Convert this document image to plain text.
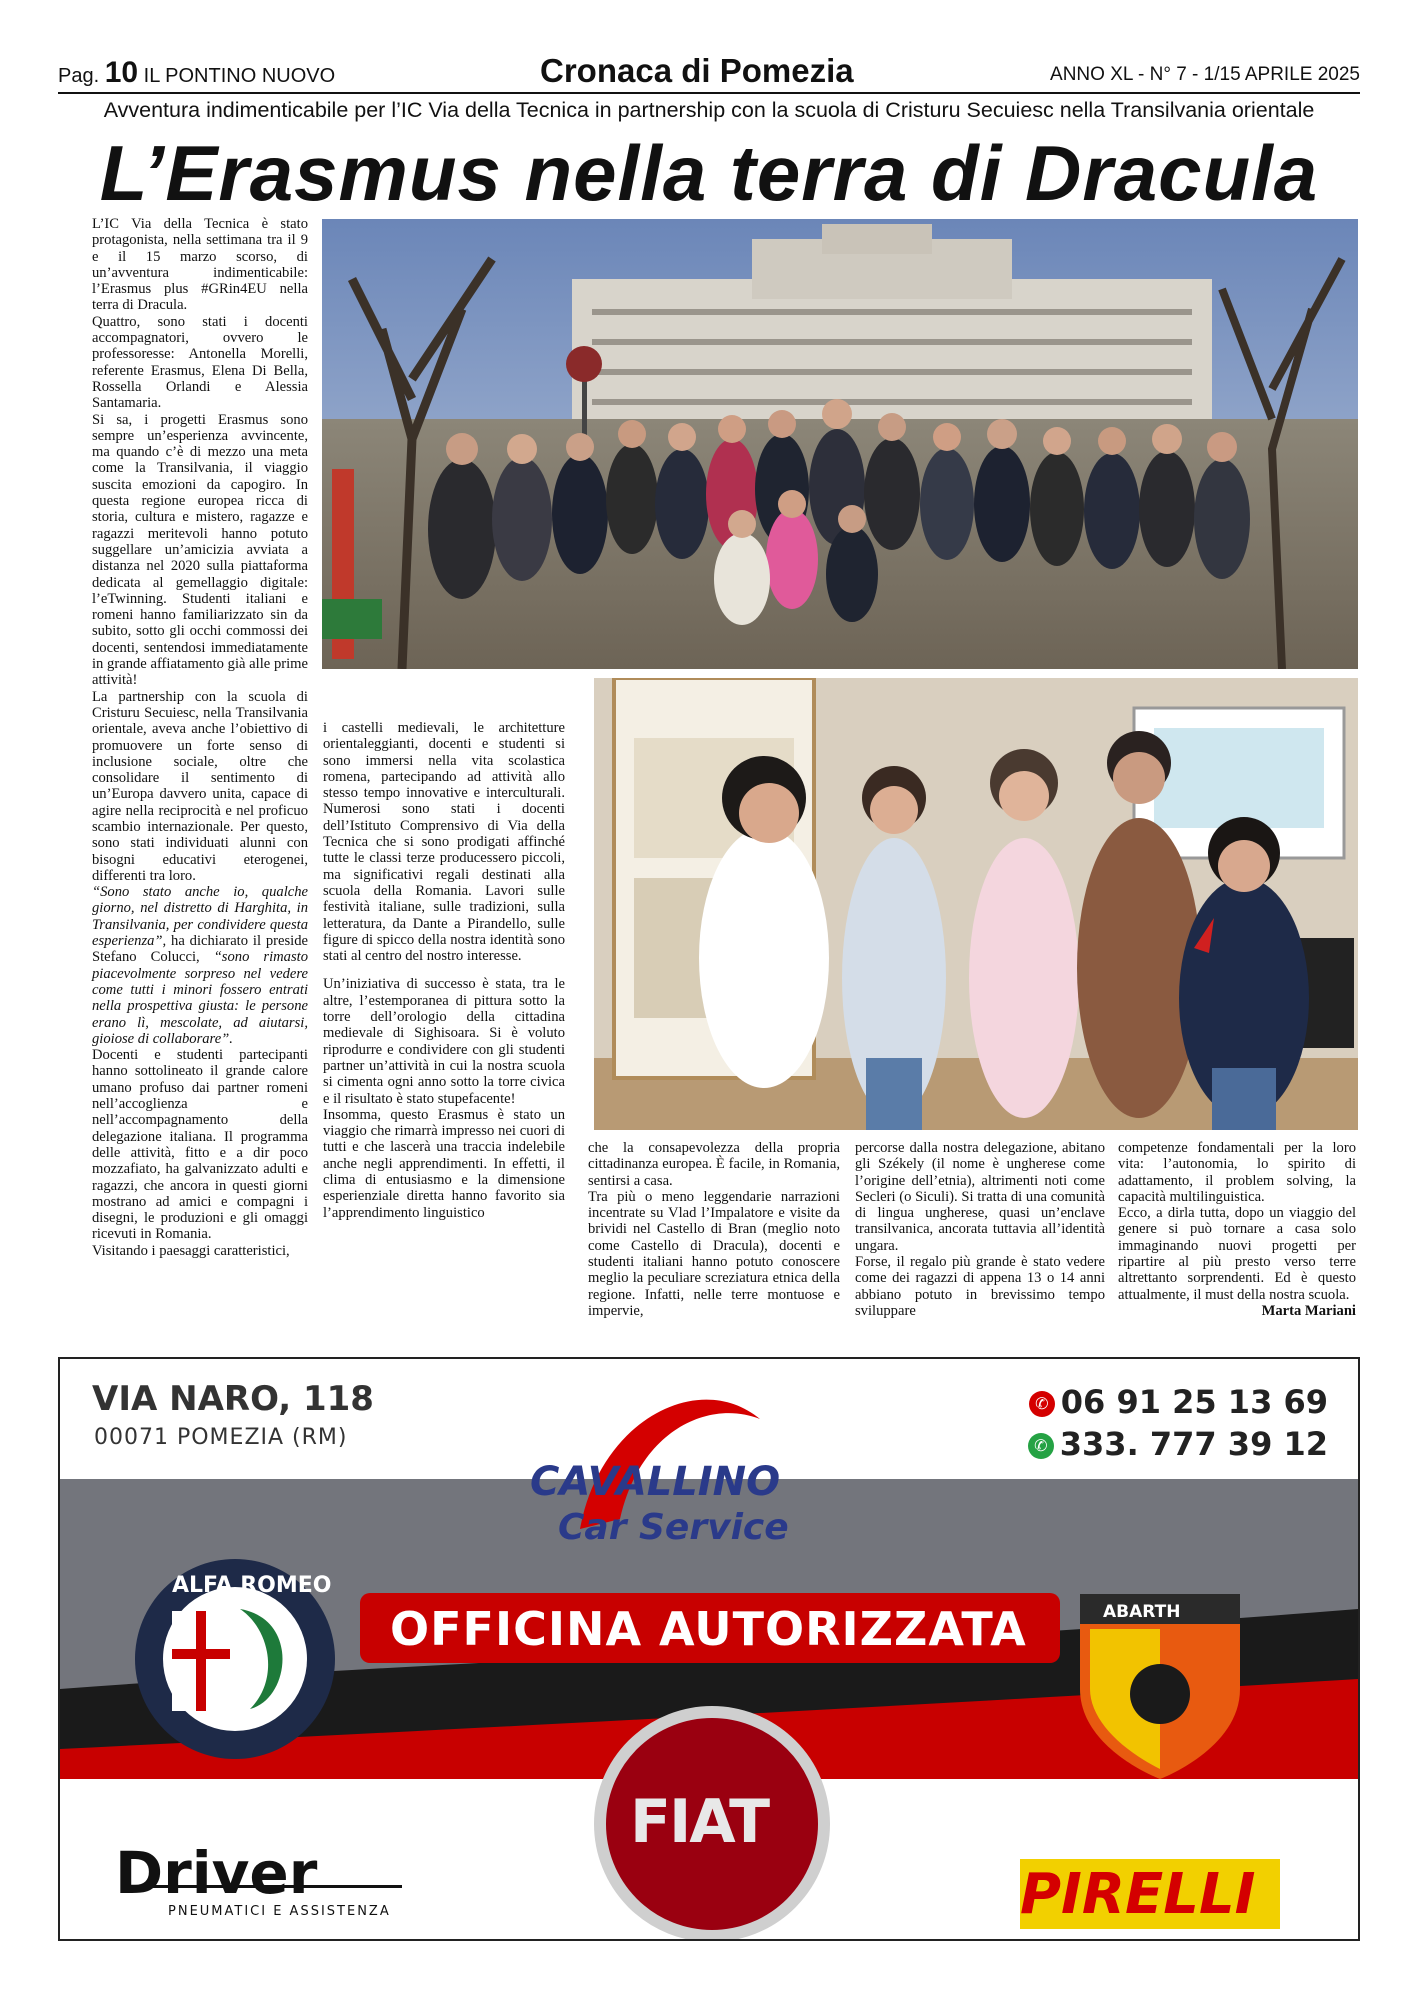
Pag. 10 IL PONTINO NUOVO	Cronaca di Pomezia	ANNO XL - N° 7 - 1/15 APRILE 2025
Avventura indimenticabile per l’IC Via della Tecnica in partnership con la scuola di Cristuru Secuiesc nella Transilvania orientale
L’Erasmus nella terra di Dracula

L’IC Via della Tecnica è stato protagonista, nella settimana tra il 9 e il 15 marzo scorso, di un’avventura indimenticabile: l’Erasmus plus #GRin4EU nella terra di Dracula.

Quattro, sono stati i docenti accompagnatori, ovvero le professoresse: Antonella Morelli, referente Erasmus, Elena Di Bella, Rossella Orlandi e Alessia Santamaria.

Si sa, i progetti Erasmus sono sempre un’esperienza avvincente, ma quando c’è di mezzo una meta come la Transilvania, il viaggio suscita emozioni da capogiro. In questa regione europea ricca di storia, cultura e mistero, ragazze e ragazzi meritevoli hanno potuto suggellare un’amicizia avviata a distanza nel 2020 sulla piattaforma dedicata al gemellaggio digitale: l’eTwinning. Studenti italiani e romeni hanno familiarizzato sin da subito, sotto gli occhi commossi dei docenti, sentendosi immediatamente in grande affiatamento già alle prime attività!

La partnership con la scuola di Cristuru Secuiesc, nella Transilvania orientale, aveva anche l’obiettivo di promuovere un forte senso di inclusione sociale, oltre che consolidare il sentimento di un’Europa davvero unita, capace di agire nella reciprocità e nel proficuo scambio internazionale. Per questo, sono stati individuati alunni con bisogni educativi eterogenei, differenti tra loro.

“Sono stato anche io, qualche giorno, nel distretto di Harghita, in Transilvania, per condividere questa esperienza”, ha dichiarato il preside Stefano Colucci, “sono rimasto piacevolmente sorpreso nel vedere come tutti i minori fossero entrati nella prospettiva giusta: le persone erano lì, mescolate, ad aiutarsi, gioiose di collaborare”.

Docenti e studenti partecipanti hanno sottolineato il grande calore umano profuso dai partner romeni nell’accoglienza e nell’accompagnamento della delegazione italiana. Il programma delle attività, fitto e a dir poco mozzafiato, ha galvanizzato adulti e ragazzi, che ancora in questi giorni mostrano ad amici e compagni i disegni, le produzioni e gli omaggi ricevuti in Romania.

Visitando i paesaggi caratteristici,

i castelli medievali, le architetture orientaleggianti, docenti e studenti si sono immersi nella vita scolastica romena, partecipando ad attività allo stesso tempo innovative e interculturali. Numerosi sono stati i docenti dell’Istituto Comprensivo di Via della Tecnica che si sono prodigati affinché tutte le classi terze producessero piccoli, ma significativi regali destinati alla scuola della Romania. Lavori sulle festività italiane, sulle tradizioni, sulla letteratura, da Dante a Pirandello, sulle figure di spicco della nostra identità sono stati al centro del nostro interesse.

Un’iniziativa di successo è stata, tra le altre, l’estemporanea di pittura sotto la torre dell’orologio della cittadina medievale di Sighisoara. Si è voluto riprodurre e condividere con gli studenti partner un’attività in cui la nostra scuola si cimenta ogni anno sotto la torre civica e il risultato è stato stupefacente!

Insomma, questo Erasmus è stato un viaggio che rimarrà impresso nei cuori di tutti e che lascerà una traccia indelebile anche negli apprendimenti. In effetti, il clima di entusiasmo e la dimensione esperienziale diretta hanno favorito sia l’apprendimento linguistico

che la consapevolezza della propria cittadinanza europea. È facile, in Romania, sentirsi a casa.

Tra più o meno leggendarie narrazioni incentrate su Vlad l’Impalatore e visite da brividi nel Castello di Bran (meglio noto come Castello di Dracula), docenti e studenti italiani hanno potuto conoscere meglio la peculiare screziatura etnica della regione. Infatti, nelle terre montuose e impervie,

percorse dalla nostra delegazione, abitano gli Székely (il nome è ungherese come l’origine dell’etnia), altrimenti noti come Secleri (o Siculi). Si tratta di una comunità di lingua ungherese, quasi un’enclave transilvanica, ancorata tuttavia all’identità ungara.

Forse, il regalo più grande è stato vedere come dei ragazzi di appena 13 o 14 anni abbiano potuto in brevissimo tempo sviluppare

competenze fondamentali per la loro vita: l’autonomia, lo spirito di adattamento, il problem solving, la capacità multilinguistica.

Ecco, a dirla tutta, dopo un viaggio del genere si può tornare a casa solo immaginando nuovi progetti per ripartire al più presto verso terre altrettanto sorprendenti. Ed è questo attualmente, il must della nostra scuola.

Marta Mariani

VIA NARO, 118
00071 POMEZIA (RM)
✆ 06 91 25 13 69
✆ 333. 777 39 12
CAVALLINO
Car Service
OFFICINA AUTORIZZATA
ALFA ROMEO
FIAT
ABARTH
Driver
PNEUMATICI E ASSISTENZA	PIRELLI
